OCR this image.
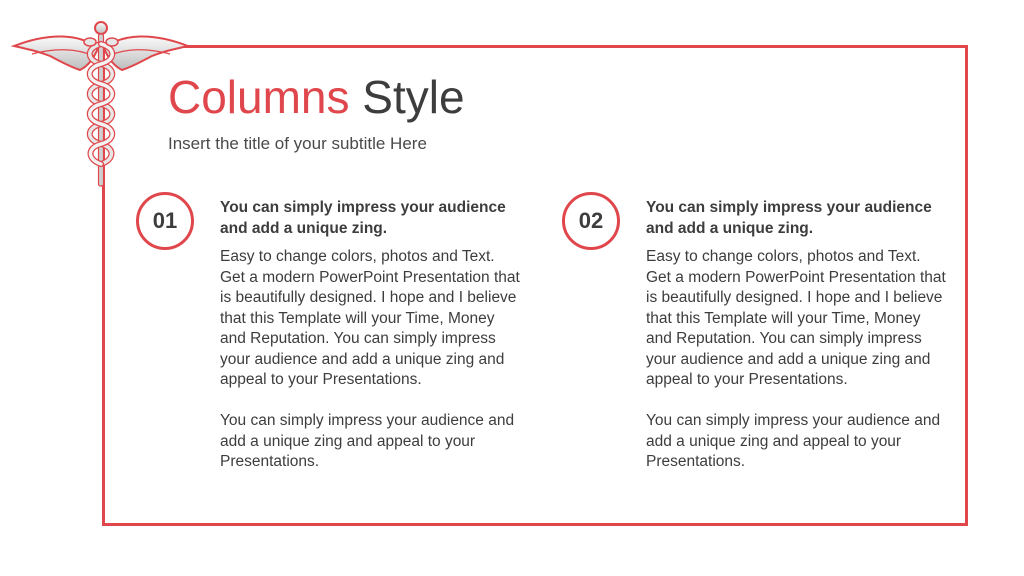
Columns Style
Insert the title of your subtitle Here
01

You can simply impress your audience and add a unique zing.

Easy to change colors, photos and Text. Get a modern PowerPoint Presentation that is beautifully designed. I hope and I believe that this Template will your Time, Money and Reputation. You can simply impress your audience and add a unique zing and appeal to your Presentations.

You can simply impress your audience and add a unique zing and appeal to your Presentations.

02

You can simply impress your audience and add a unique zing.

Easy to change colors, photos and Text. Get a modern PowerPoint Presentation that is beautifully designed. I hope and I believe that this Template will your Time, Money and Reputation. You can simply impress your audience and add a unique zing and appeal to your Presentations.

You can simply impress your audience and add a unique zing and appeal to your Presentations.
